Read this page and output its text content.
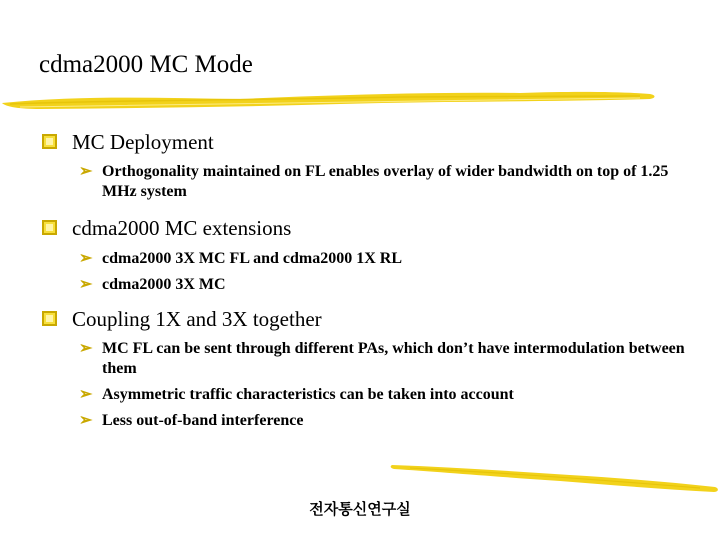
cdma2000 MC Mode
MC Deployment
➢ Orthogonality maintained on FL enables overlay of wider bandwidth on top of 1.25 MHz system
cdma2000 MC extensions
➢ cdma2000 3X MC FL and cdma2000 1X RL
➢ cdma2000 3X MC
Coupling 1X and 3X together
➢ MC FL can be sent through different PAs, which don’t have intermodulation between them
➢ Asymmetric traffic characteristics can be taken into account
➢ Less out-of-band interference
전자통신연구실
